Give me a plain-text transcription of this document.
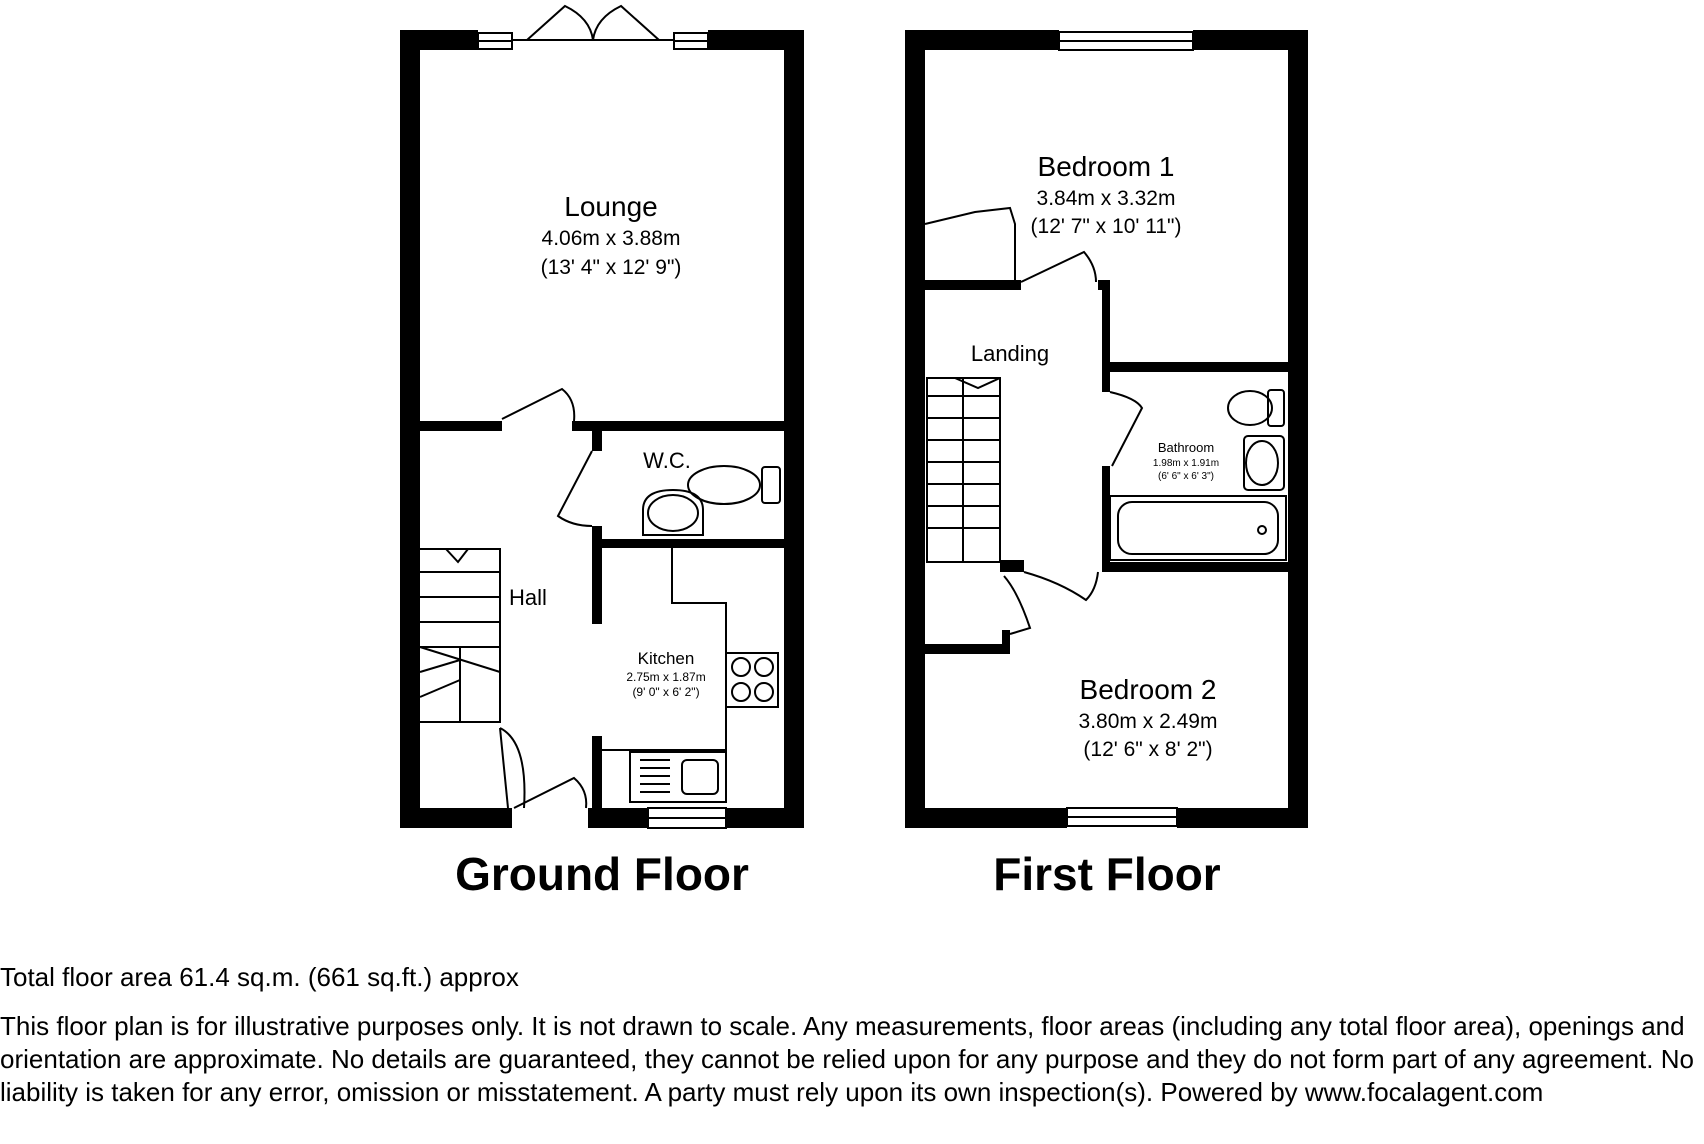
Lounge
4.06m x 3.88m
(13' 4" x 12' 9")
W.C.
Hall
Kitchen
2.75m x 1.87m
(9' 0" x 6' 2")
Bedroom 1
3.84m x 3.32m
(12' 7" x 10' 11")
Landing
Bathroom
1.98m x 1.91m
(6' 6" x 6' 3")
Bedroom 2
3.80m x 2.49m
(12' 6" x 8' 2")
Ground Floor	First Floor
Total floor area 61.4 sq.m. (661 sq.ft.) approx
This floor plan is for illustrative purposes only. It is not drawn to scale. Any measurements, floor areas (including any total floor area), openings and orientation are approximate. No details are guaranteed, they cannot be relied upon for any purpose and they do not form part of any agreement. No liability is taken for any error, omission or misstatement. A party must rely upon its own inspection(s). Powered by www.focalagent.com
